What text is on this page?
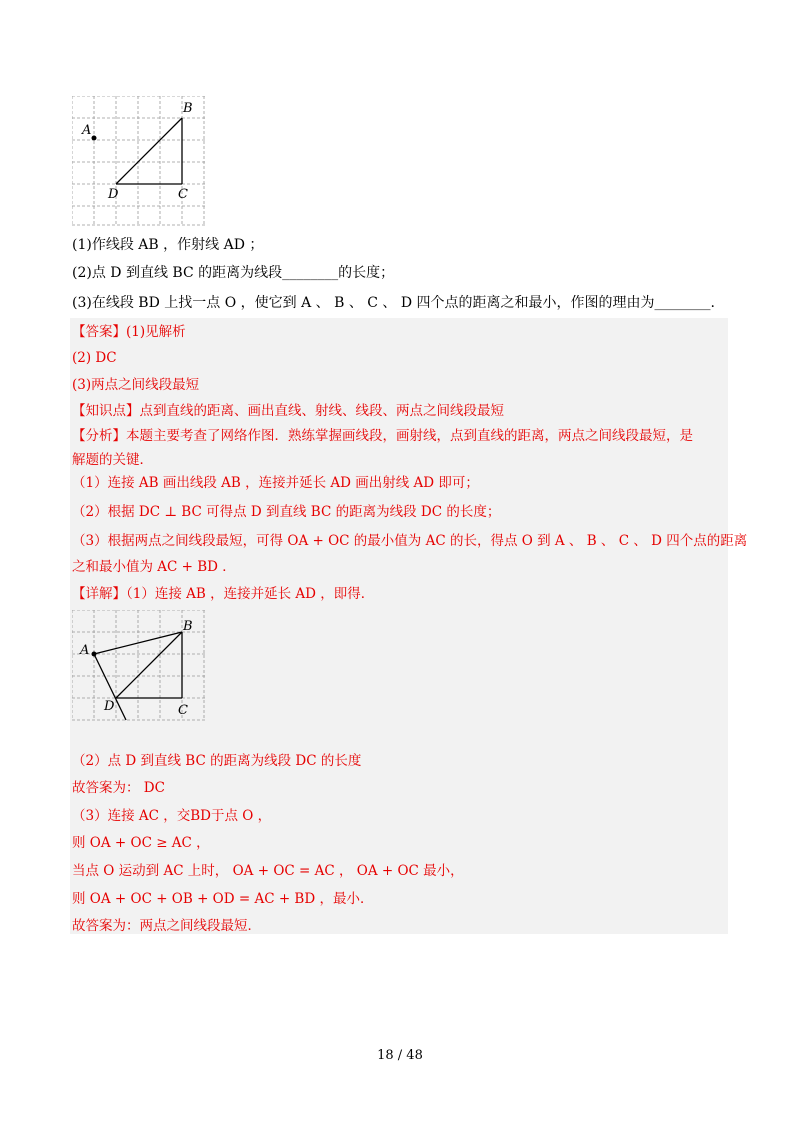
A
B
C
D
(1)作线段 AB ，作射线 AD ；
(2)点 D 到直线 BC 的距离为线段________的长度；
(3)在线段 BD 上找一点 O ，使它到 A 、 B 、 C 、 D 四个点的距离之和最小，作图的理由为________.
【答案】(1)见解析
(2) DC
(3)两点之间线段最短
【知识点】点到直线的距离、画出直线、射线、线段、两点之间线段最短
【分析】本题主要考查了网络作图．熟练掌握画线段，画射线，点到直线的距离，两点之间线段最短，是
解题的关键．
（1）连接 AB 画出线段 AB ，连接并延长 AD 画出射线 AD 即可；
（2）根据 DC ⊥ BC 可得点 D 到直线 BC 的距离为线段 DC 的长度；
（3）根据两点之间线段最短，可得 OA + OC 的最小值为 AC 的长，得点 O 到 A 、 B 、 C 、 D 四个点的距离
之和最小值为 AC + BD ．
【详解】（1）连接 AB ，连接并延长 AD ，即得．
A
B
C
D
（2）点 D 到直线 BC 的距离为线段 DC 的长度
故答案为： DC
（3）连接 AC ，交BD于点 O ，
则 OA + OC ≥ AC ，
当点 O 运动到 AC 上时， OA + OC = AC ， OA + OC 最小，
则 OA + OC + OB + OD = AC + BD ，最小．
故答案为：两点之间线段最短．
18 / 48
